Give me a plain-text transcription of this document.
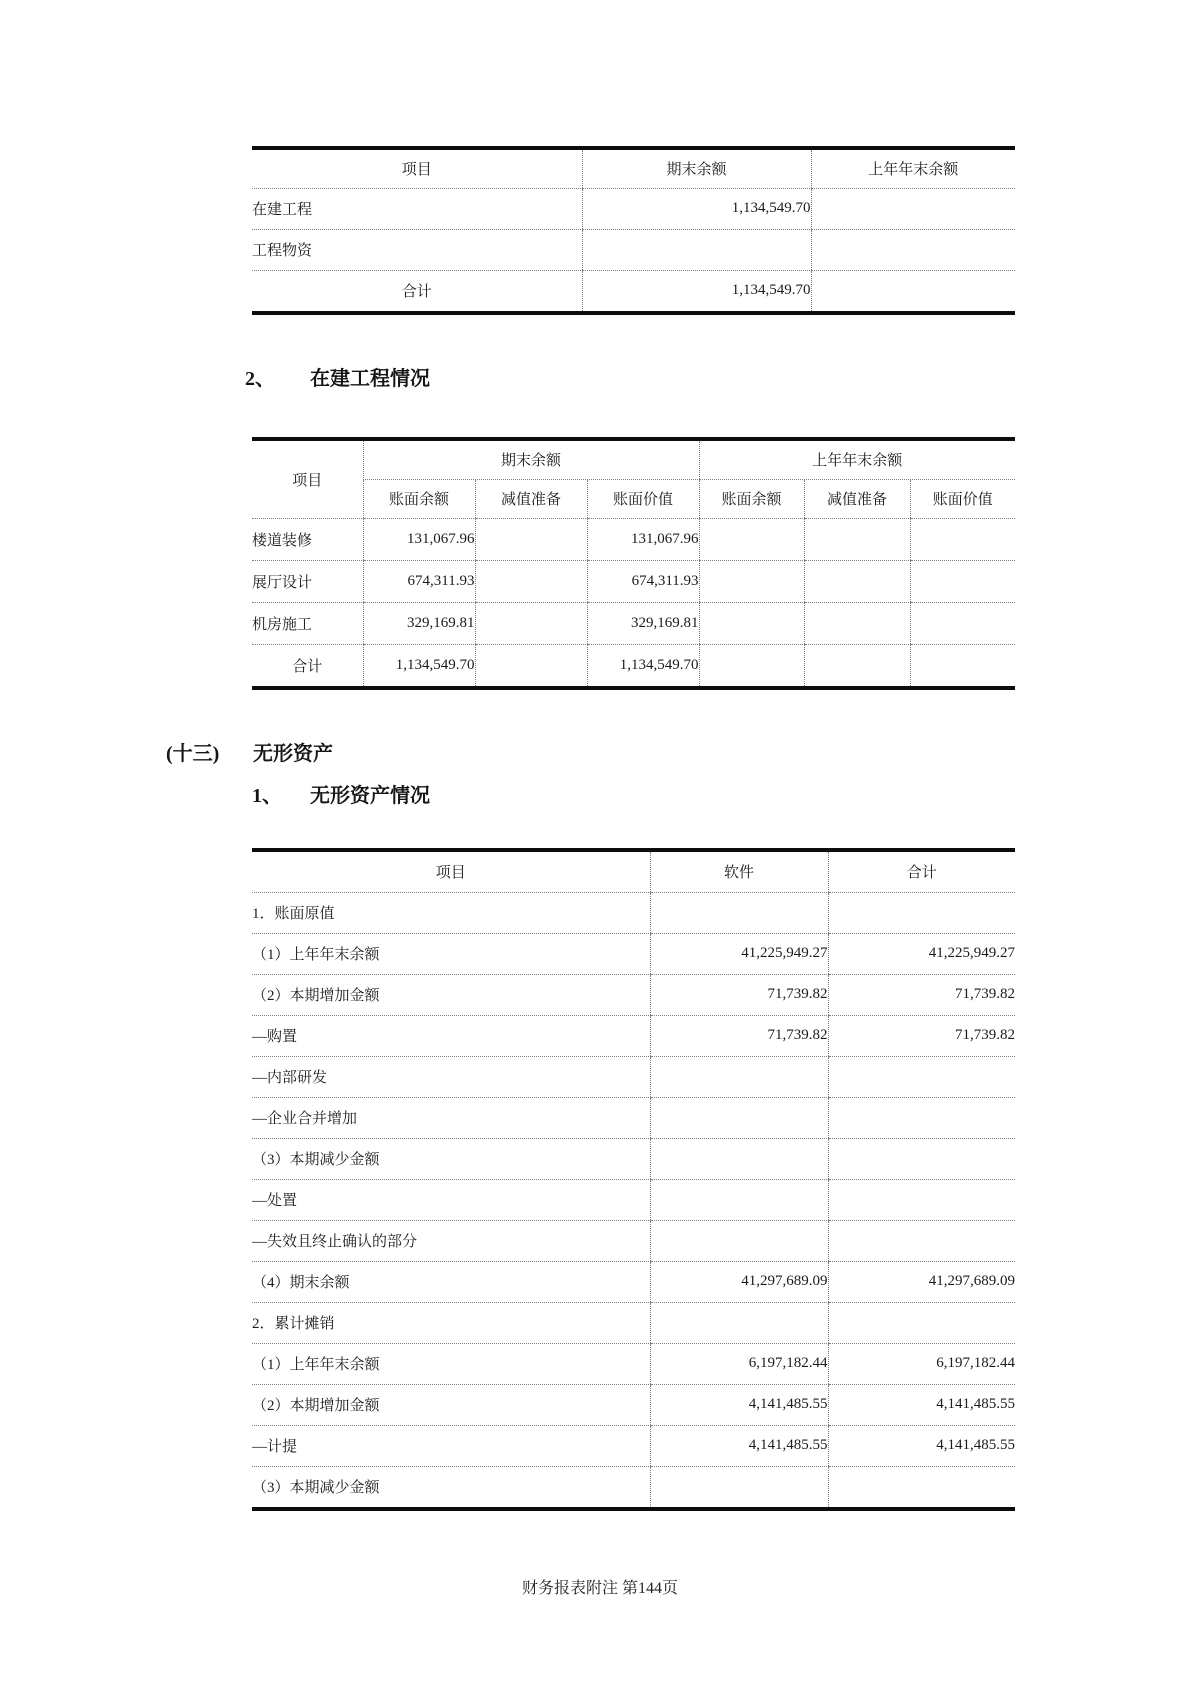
项目	期末余额	上年年末余额
在建工程	1,134,549.70	
工程物资		
合计	1,134,549.70	
2、	在建工程情况
项目	期末余额			上年年末余额		
	账面余额	减值准备	账面价值	账面余额	减值准备	账面价值
楼道装修	131,067.96		131,067.96			
展厅设计	674,311.93		674,311.93			
机房施工	329,169.81		329,169.81			
合计	1,134,549.70		1,134,549.70			
(十三)	无形资产
1、	无形资产情况
项目	软件	合计
1．账面原值		
（1）上年年末余额	41,225,949.27	41,225,949.27
（2）本期增加金额	71,739.82	71,739.82
—购置	71,739.82	71,739.82
—内部研发		
—企业合并增加		
（3）本期减少金额		
—处置		
—失效且终止确认的部分		
（4）期末余额	41,297,689.09	41,297,689.09
2．累计摊销		
（1）上年年末余额	6,197,182.44	6,197,182.44
（2）本期增加金额	4,141,485.55	4,141,485.55
—计提	4,141,485.55	4,141,485.55
（3）本期减少金额		
财务报表附注 第144页
